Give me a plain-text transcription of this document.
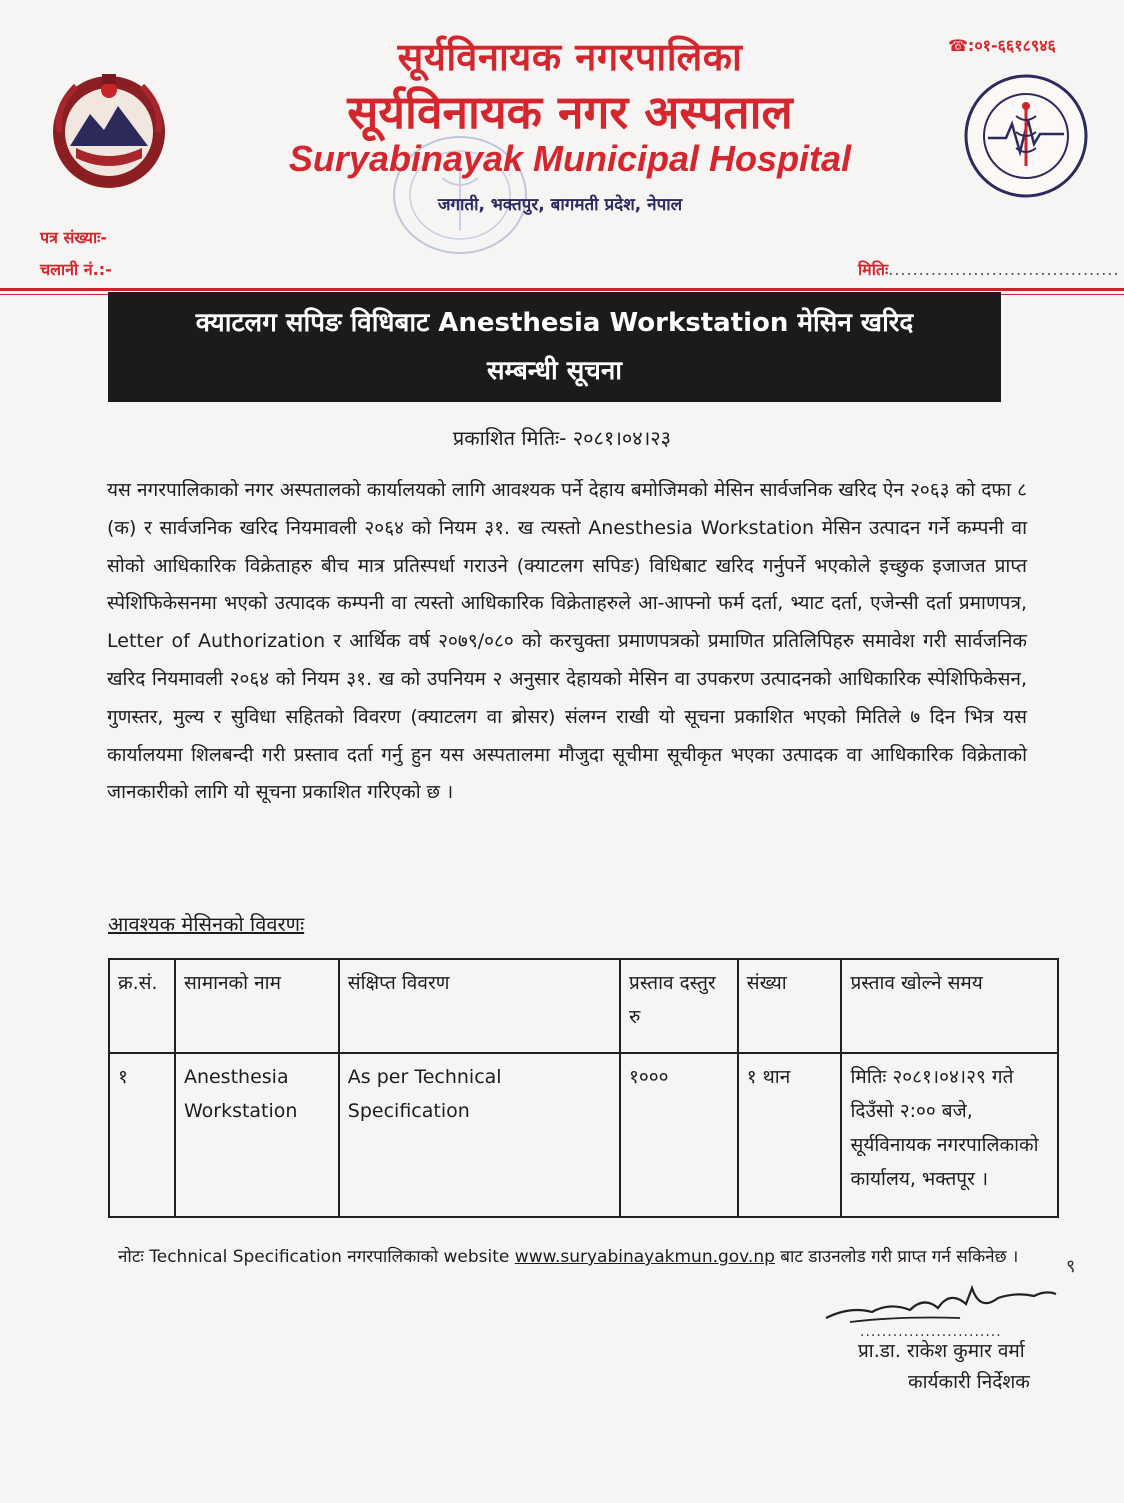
☎:०१-६६१८९४६
सूर्यविनायक नगरपालिका
सूर्यविनायक नगर अस्पताल
Suryabinayak Municipal Hospital
जगाती, भक्तपुर, बागमती प्रदेश, नेपाल
पत्र संख्याः-
चलानी नं.:-	मितिः......................................
क्याटलग सपिङ विधिबाट Anesthesia Workstation मेसिन खरिद
सम्बन्धी सूचना
प्रकाशित मितिः- २०८१।०४।२३
यस नगरपालिकाको नगर अस्पतालको कार्यालयको लागि आवश्यक पर्ने देहाय बमोजिमको मेसिन सार्वजनिक खरिद ऐन २०६३ को दफा ८ (क) र सार्वजनिक खरिद नियमावली २०६४ को नियम ३१. ख त्यस्तो Anesthesia Workstation मेसिन उत्पादन गर्ने कम्पनी वा सोको आधिकारिक विक्रेताहरु बीच मात्र प्रतिस्पर्धा गराउने (क्याटलग सपिङ) विधिबाट खरिद गर्नुपर्ने भएकोले इच्छुक इजाजत प्राप्त स्पेशिफिकेसनमा भएको उत्पादक कम्पनी वा त्यस्तो आधिकारिक विक्रेताहरुले आ-आफ्नो फर्म दर्ता, भ्याट दर्ता, एजेन्सी दर्ता प्रमाणपत्र, Letter of Authorization र आर्थिक वर्ष २०७९/०८० को करचुक्ता प्रमाणपत्रको प्रमाणित प्रतिलिपिहरु समावेश गरी सार्वजनिक खरिद नियमावली २०६४ को नियम ३१. ख को उपनियम २ अनुसार देहायको मेसिन वा उपकरण उत्पादनको आधिकारिक स्पेशिफिकेसन, गुणस्तर, मुल्य र सुविधा सहितको विवरण (क्याटलग वा ब्रोसर) संलग्न राखी यो सूचना प्रकाशित भएको मितिले ७ दिन भित्र यस कार्यालयमा शिलबन्दी गरी प्रस्ताव दर्ता गर्नु हुन यस अस्पतालमा मौजुदा सूचीमा सूचीकृत भएका उत्पादक वा आधिकारिक विक्रेताको जानकारीको लागि यो सूचना प्रकाशित गरिएको छ ।
आवश्यक मेसिनको विवरणः
क्र.सं.	सामानको नाम	संक्षिप्त विवरण	प्रस्ताव दस्तुर रु	संख्या	प्रस्ताव खोल्ने समय
१	Anesthesia Workstation	As per Technical Specification	१०००	१ थान	मितिः २०८१।०४।२९ गते दिउँसो २:०० बजे, सूर्यविनायक नगरपालिकाको कार्यालय, भक्तपूर ।
नोटः Technical Specification नगरपालिकाको website www.suryabinayakmun.gov.np बाट डाउनलोड गरी प्राप्त गर्न सकिनेछ ।	९
..........................
प्रा.डा. राकेश कुमार वर्मा
कार्यकारी निर्देशक
